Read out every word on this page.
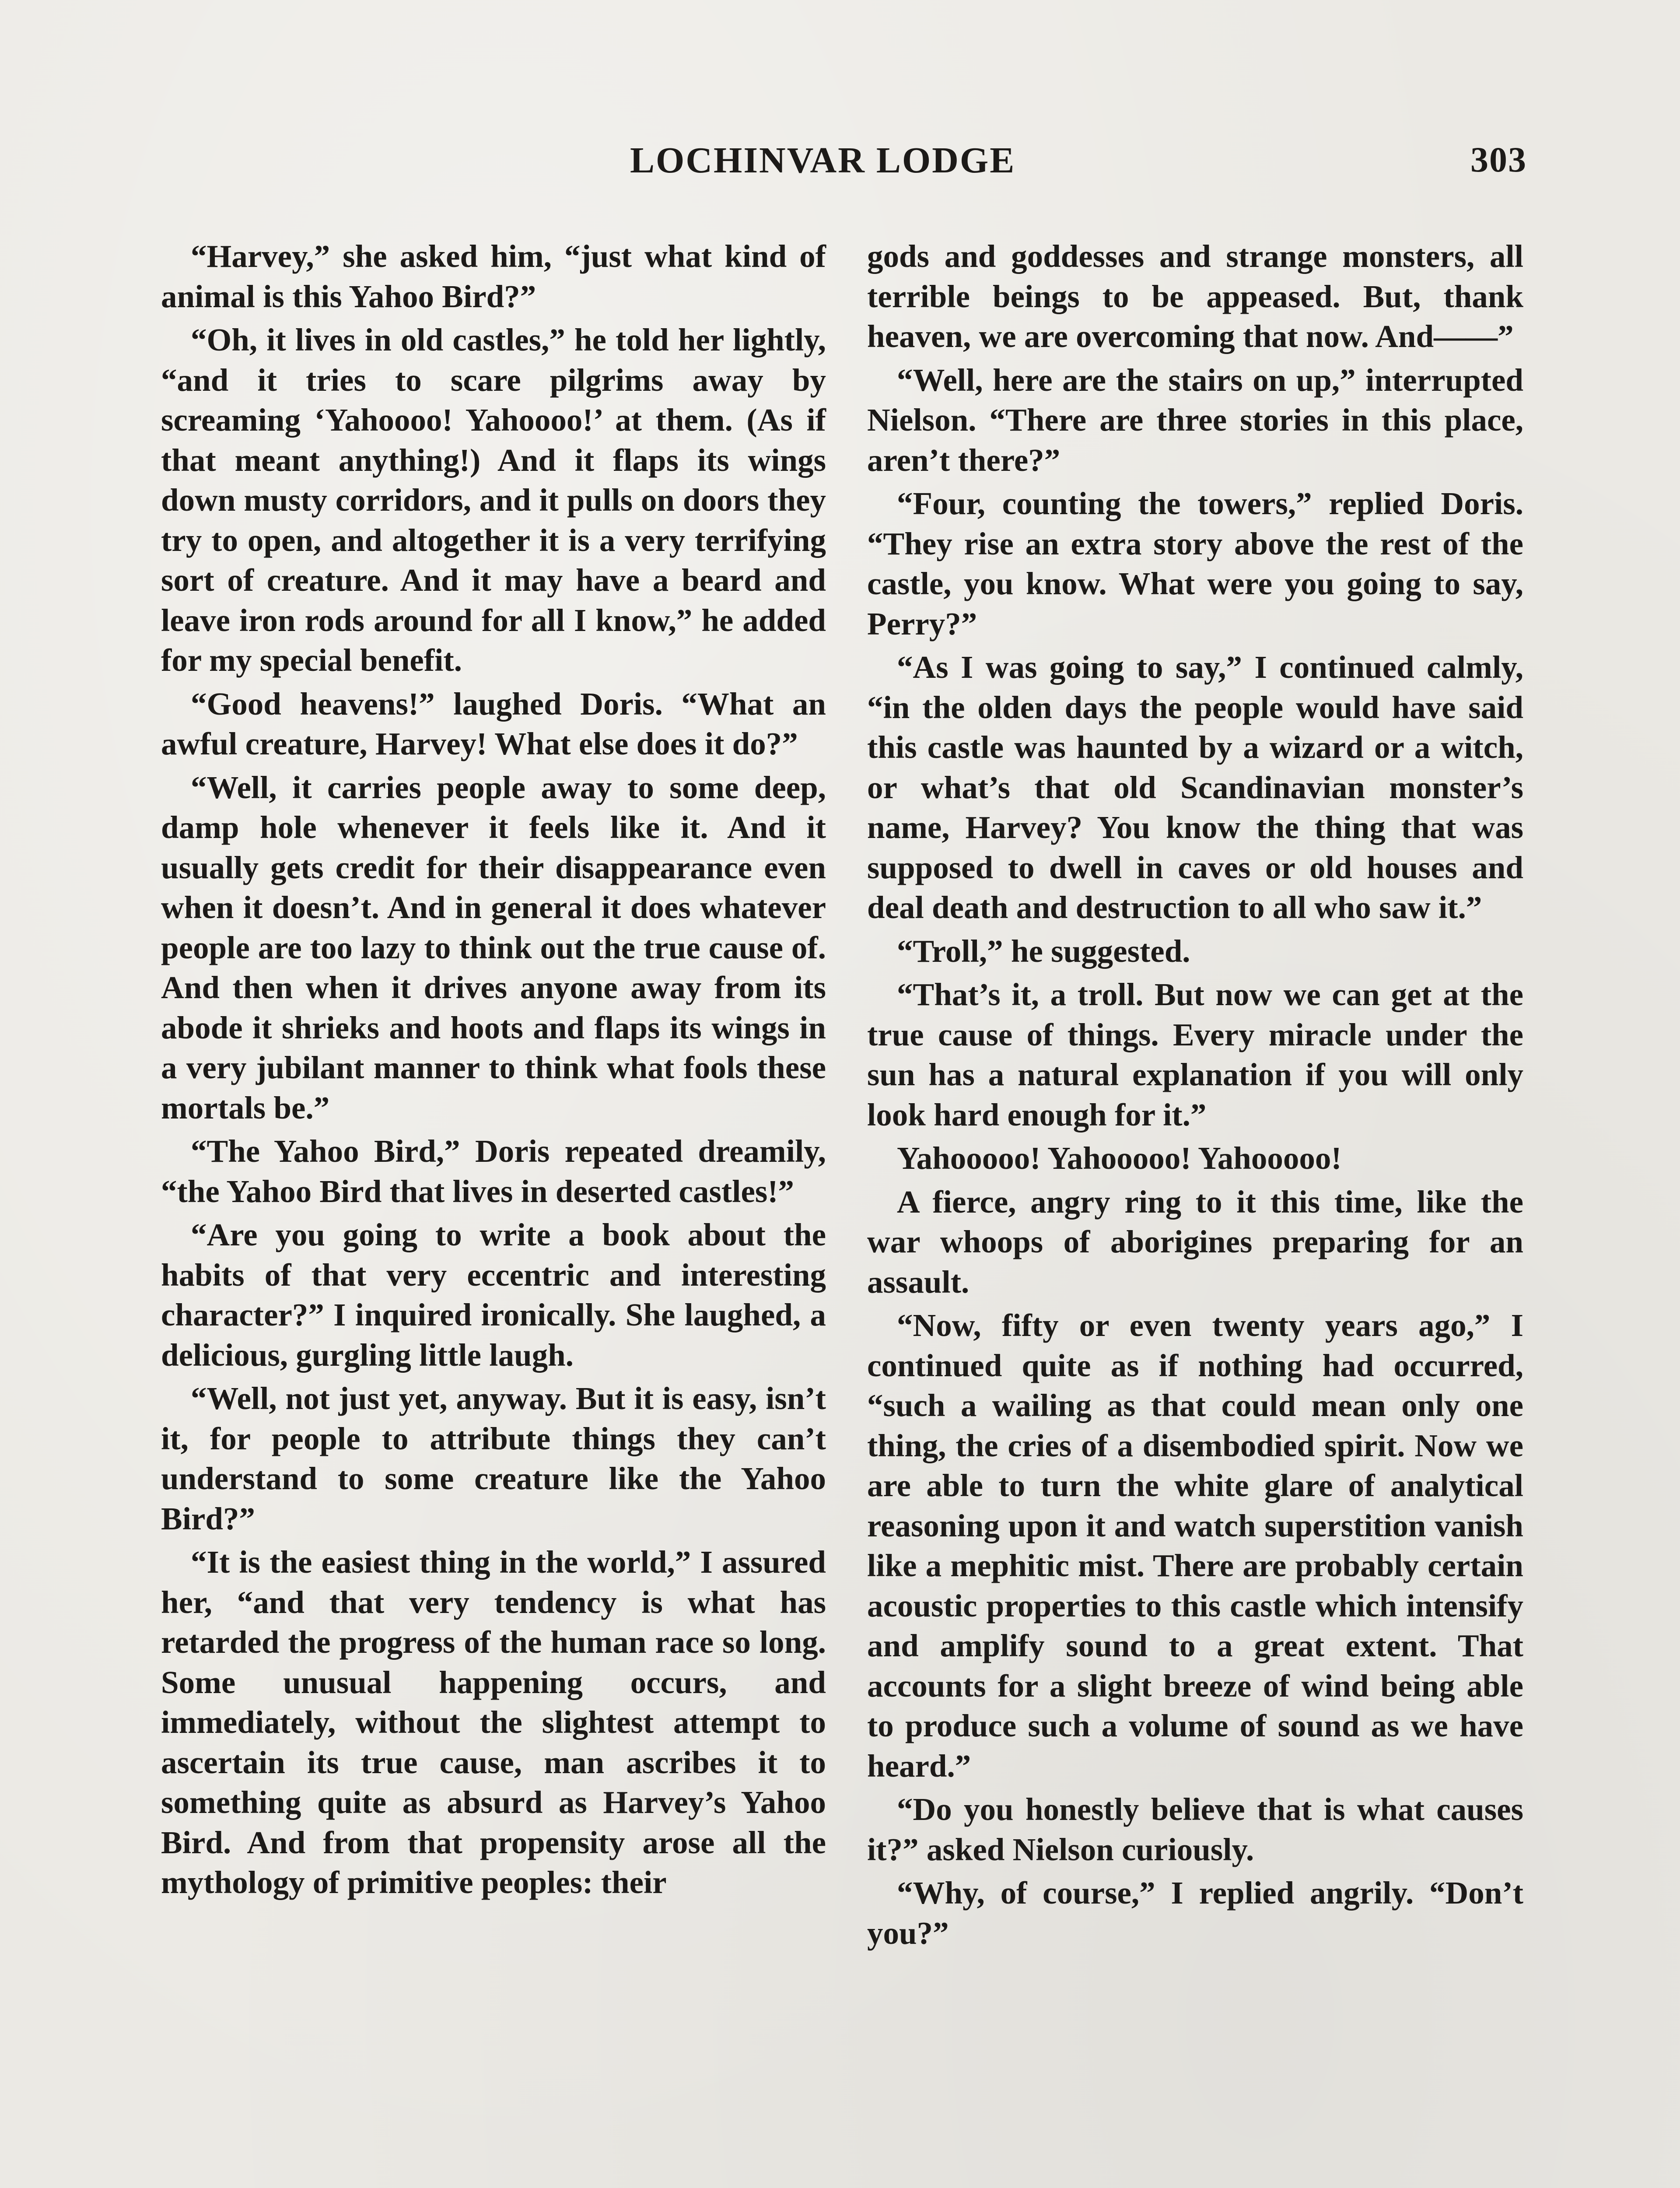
LOCHINVAR LODGE	303

“Harvey,” she asked him, “just what kind of animal is this Yahoo Bird?”

“Oh, it lives in old castles,” he told her lightly, “and it tries to scare pilgrims away by screaming ‘Yahoooo! Yahoooo!’ at them. (As if that meant anything!) And it flaps its wings down musty corridors, and it pulls on doors they try to open, and altogether it is a very terrifying sort of creature. And it may have a beard and leave iron rods around for all I know,” he added for my special benefit.

“Good heavens!” laughed Doris. “What an awful creature, Harvey! What else does it do?”

“Well, it carries people away to some deep, damp hole whenever it feels like it. And it usually gets credit for their disappearance even when it doesn’t. And in general it does whatever people are too lazy to think out the true cause of. And then when it drives anyone away from its abode it shrieks and hoots and flaps its wings in a very jubilant manner to think what fools these mortals be.”

“The Yahoo Bird,” Doris repeated dreamily, “the Yahoo Bird that lives in deserted castles!”

“Are you going to write a book about the habits of that very eccentric and interesting character?” I inquired ironically. She laughed, a delicious, gurgling little laugh.

“Well, not just yet, anyway. But it is easy, isn’t it, for people to attribute things they can’t understand to some creature like the Yahoo Bird?”

“It is the easiest thing in the world,” I assured her, “and that very tendency is what has retarded the progress of the human race so long. Some unusual happening occurs, and immediately, without the slightest attempt to ascertain its true cause, man ascribes it to something quite as absurd as Harvey’s Yahoo Bird. And from that propensity arose all the mythology of primitive peoples: their

gods and goddesses and strange monsters, all terrible beings to be appeased. But, thank heaven, we are overcoming that now. And——”

“Well, here are the stairs on up,” interrupted Nielson. “There are three stories in this place, aren’t there?”

“Four, counting the towers,” replied Doris. “They rise an extra story above the rest of the castle, you know. What were you going to say, Perry?”

“As I was going to say,” I continued calmly, “in the olden days the people would have said this castle was haunted by a wizard or a witch, or what’s that old Scandinavian monster’s name, Harvey? You know the thing that was supposed to dwell in caves or old houses and deal death and destruction to all who saw it.”

“Troll,” he suggested.

“That’s it, a troll. But now we can get at the true cause of things. Every miracle under the sun has a natural explanation if you will only look hard enough for it.”

Yahooooo! Yahooooo! Yahooooo!

A fierce, angry ring to it this time, like the war whoops of aborigines preparing for an assault.

“Now, fifty or even twenty years ago,” I continued quite as if nothing had occurred, “such a wailing as that could mean only one thing, the cries of a disembodied spirit. Now we are able to turn the white glare of analytical reasoning upon it and watch superstition vanish like a mephitic mist. There are probably certain acoustic properties to this castle which intensify and amplify sound to a great extent. That accounts for a slight breeze of wind being able to produce such a volume of sound as we have heard.”

“Do you honestly believe that is what causes it?” asked Nielson curiously.

“Why, of course,” I replied angrily. “Don’t you?”
